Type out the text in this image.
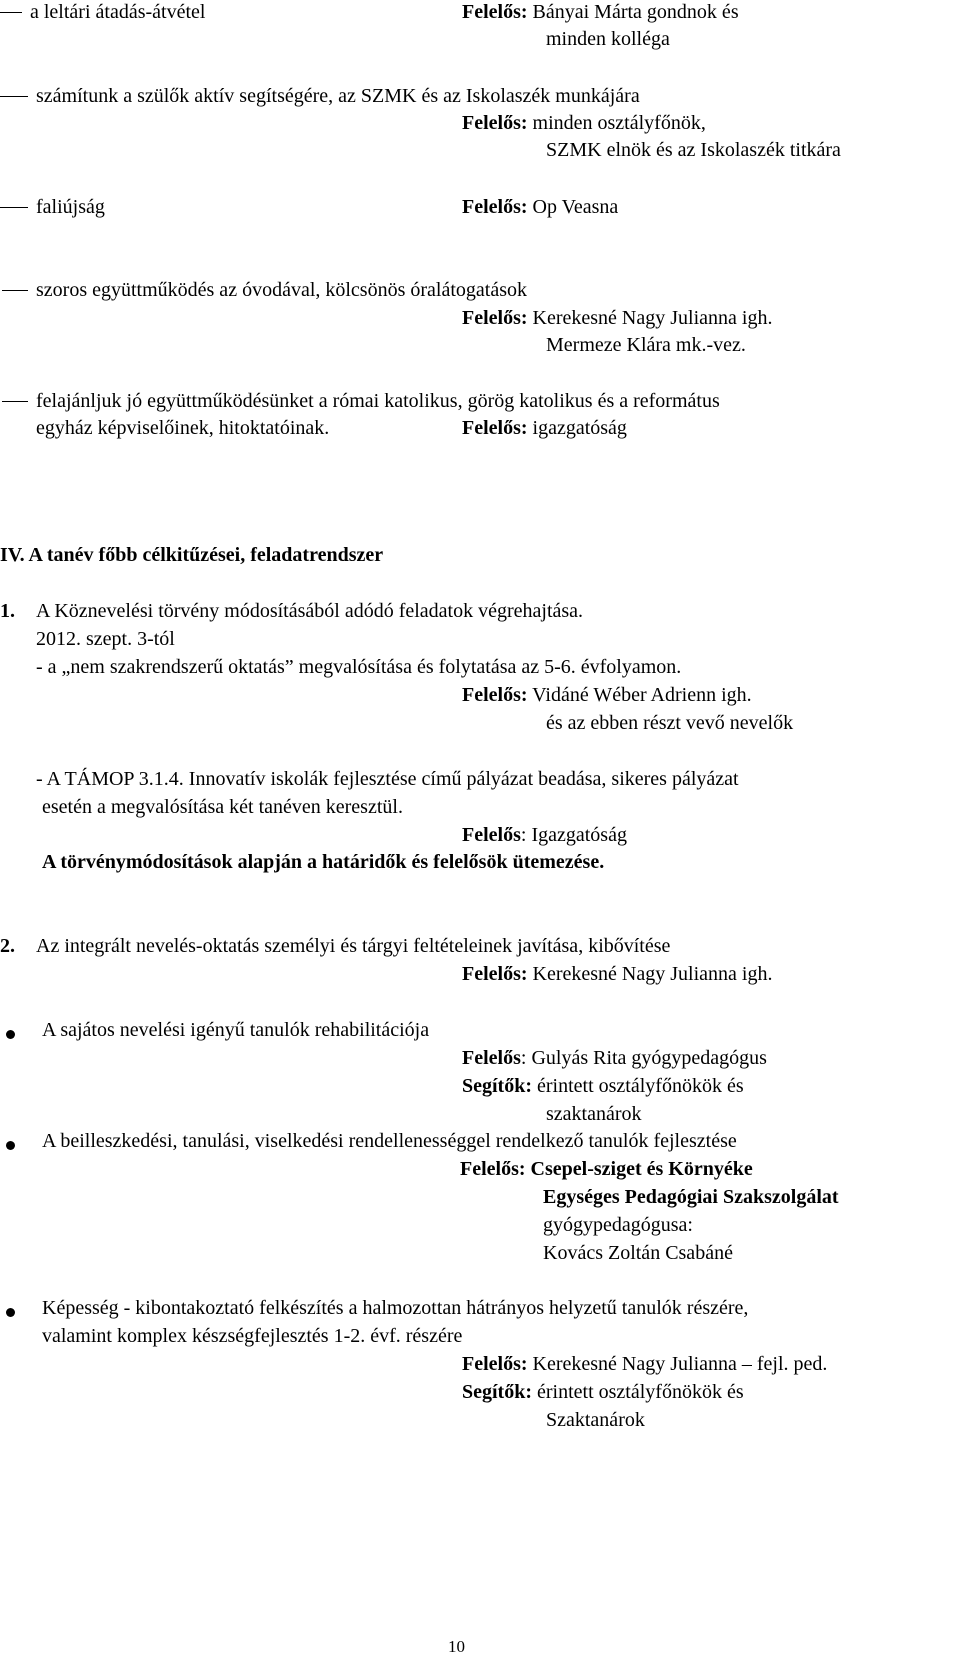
a leltári átadás-átvétel	Felelős: Bányai Márta gondnok és
minden kolléga
számítunk a szülők aktív segítségére, az SZMK és az Iskolaszék munkájára
Felelős: minden osztályfőnök,
SZMK elnök és az Iskolaszék titkára
faliújság	Felelős: Op Veasna
szoros együttműködés az óvodával, kölcsönös óralátogatások
Felelős: Kerekesné Nagy Julianna igh.
Mermeze Klára mk.-vez.
felajánljuk jó együttműködésünket a római katolikus, görög katolikus és a református
egyház képviselőinek, hitoktatóinak.	Felelős: igazgatóság
IV. A tanév főbb célkitűzései, feladatrendszer
1. A Köznevelési törvény módosításából adódó feladatok végrehajtása.
2012. szept. 3-tól
- a „nem szakrendszerű oktatás” megvalósítása és folytatása az 5-6. évfolyamon.
Felelős: Vidáné Wéber Adrienn igh.
és az ebben részt vevő nevelők
- A TÁMOP 3.1.4. Innovatív iskolák fejlesztése című pályázat beadása, sikeres pályázat
esetén a megvalósítása két tanéven keresztül.
Felelős: Igazgatóság
A törvénymódosítások alapján a határidők és felelősök ütemezése.
2. Az integrált nevelés-oktatás személyi és tárgyi feltételeinek javítása, kibővítése
Felelős: Kerekesné Nagy Julianna igh.
A sajátos nevelési igényű tanulók rehabilitációja
Felelős: Gulyás Rita gyógypedagógus
Segítők: érintett osztályfőnökök és
szaktanárok
A beilleszkedési, tanulási, viselkedési rendellenességgel rendelkező tanulók fejlesztése
Felelős: Csepel-sziget és Környéke
Egységes Pedagógiai Szakszolgálat
gyógypedagógusa:
Kovács Zoltán Csabáné
Képesség - kibontakoztató felkészítés a halmozottan hátrányos helyzetű tanulók részére,
valamint komplex készségfejlesztés 1-2. évf. részére
Felelős: Kerekesné Nagy Julianna – fejl. ped.
Segítők: érintett osztályfőnökök és
Szaktanárok
10
